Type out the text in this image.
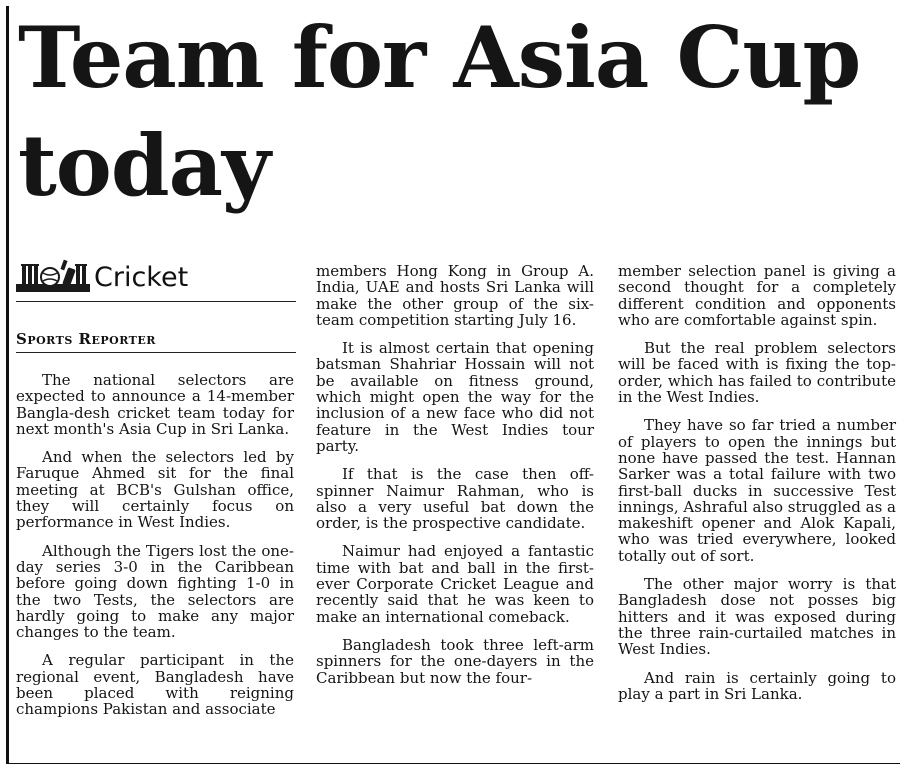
Team for Asia Cup today
Cricket
Sports Reporter

The national selectors are expected to announce a 14-member Bangla-desh cricket team today for next month's Asia Cup in Sri Lanka.

And when the selectors led by Faruque Ahmed sit for the final meeting at BCB's Gulshan office, they will certainly focus on performance in West Indies.

Although the Tigers lost the one-day series 3-0 in the Caribbean before going down fighting 1-0 in the two Tests, the selectors are hardly going to make any major changes to the team.

A regular participant in the regional event, Bangladesh have been placed with reigning champions Pakistan and associate

members Hong Kong in Group A. India, UAE and hosts Sri Lanka will make the other group of the six-team competition starting July 16.

It is almost certain that opening batsman Shahriar Hossain will not be available on fitness ground, which might open the way for the inclusion of a new face who did not feature in the West Indies tour party.

If that is the case then off-spinner Naimur Rahman, who is also a very useful bat down the order, is the prospective candidate.

Naimur had enjoyed a fantastic time with bat and ball in the first-ever Corporate Cricket League and recently said that he was keen to make an international comeback.

Bangladesh took three left-arm spinners for the one-dayers in the Caribbean but now the four-

member selection panel is giving a second thought for a completely different condition and opponents who are comfortable against spin.

But the real problem selectors will be faced with is fixing the top-order, which has failed to contribute in the West Indies.

They have so far tried a number of players to open the innings but none have passed the test. Hannan Sarker was a total failure with two first-ball ducks in successive Test innings, Ashraful also struggled as a makeshift opener and Alok Kapali, who was tried everywhere, looked totally out of sort.

The other major worry is that Bangladesh dose not posses big hitters and it was exposed during the three rain-curtailed matches in West Indies.

And rain is certainly going to play a part in Sri Lanka.
